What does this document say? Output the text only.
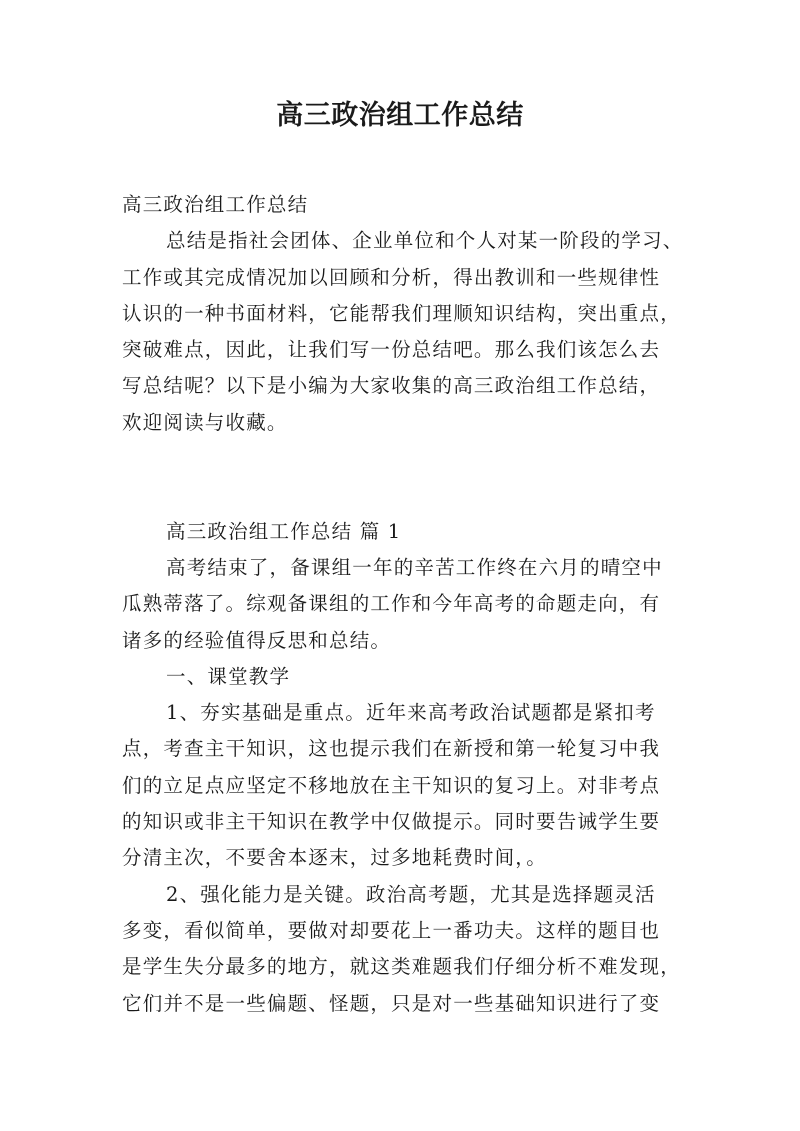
高三政治组工作总结
高三政治组工作总结
总结是指社会团体、企业单位和个人对某一阶段的学习、
工作或其完成情况加以回顾和分析，得出教训和一些规律性
认识的一种书面材料，它能帮我们理顺知识结构，突出重点，
突破难点，因此，让我们写一份总结吧。那么我们该怎么去
写总结呢？以下是小编为大家收集的高三政治组工作总结，
欢迎阅读与收藏。
高三政治组工作总结 篇 1
高考结束了，备课组一年的辛苦工作终在六月的晴空中
瓜熟蒂落了。综观备课组的工作和今年高考的命题走向，有
诸多的经验值得反思和总结。
一、课堂教学
1、夯实基础是重点。近年来高考政治试题都是紧扣考
点，考查主干知识，这也提示我们在新授和第一轮复习中我
们的立足点应坚定不移地放在主干知识的复习上。对非考点
的知识或非主干知识在教学中仅做提示。同时要告诫学生要
分清主次，不要舍本逐末，过多地耗费时间，。
2、强化能力是关键。政治高考题，尤其是选择题灵活
多变，看似简单，要做对却要花上一番功夫。这样的题目也
是学生失分最多的地方，就这类难题我们仔细分析不难发现，
它们并不是一些偏题、怪题，只是对一些基础知识进行了变
